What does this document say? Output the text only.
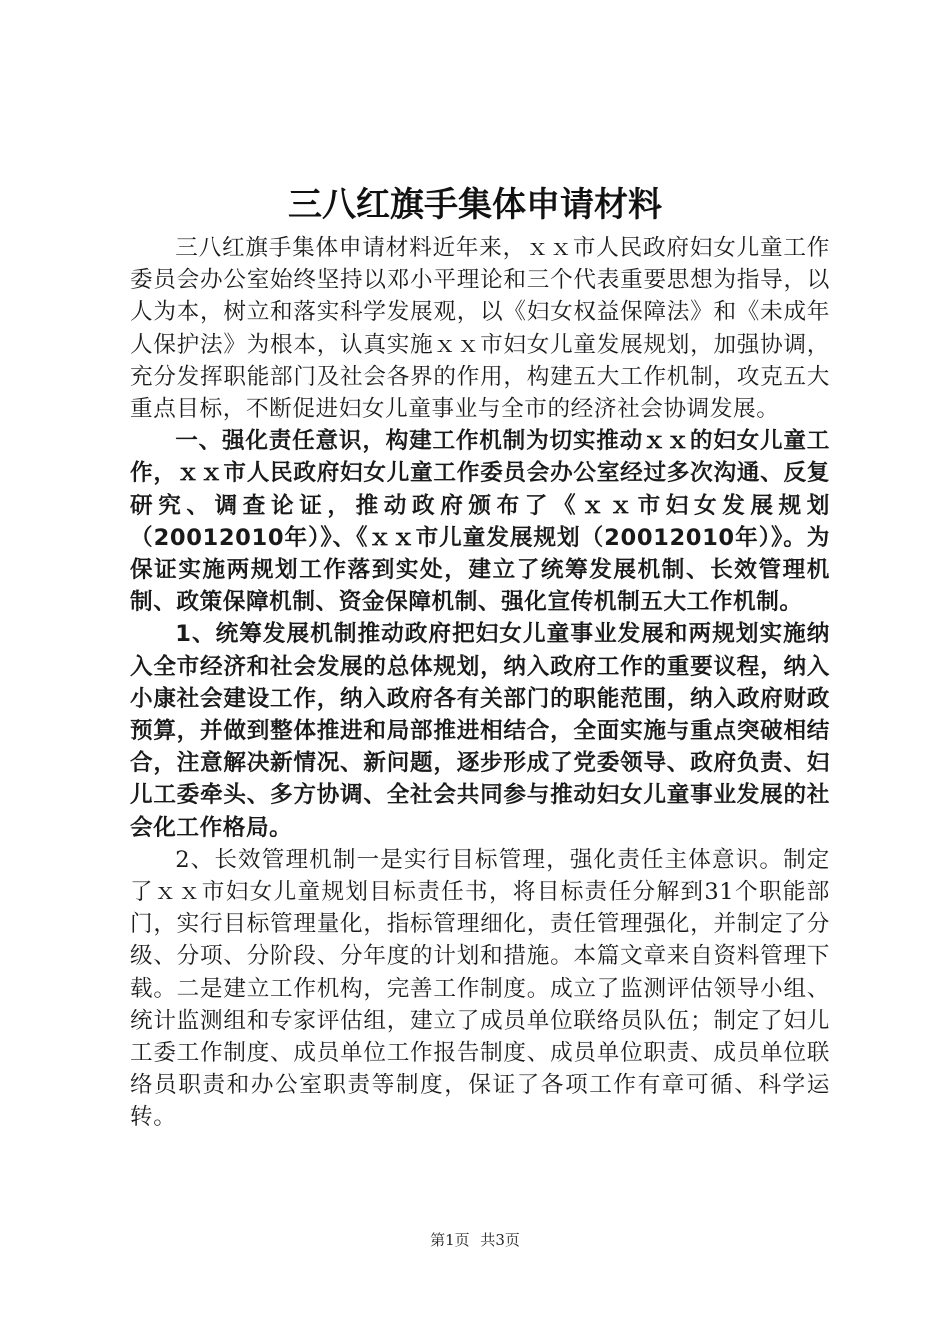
三八红旗手集体申请材料

三八红旗手集体申请材料近年来，ｘｘ市人民政府妇女儿童工作委员会办公室始终坚持以邓小平理论和三个代表重要思想为指导，以人为本，树立和落实科学发展观，以《妇女权益保障法》和《未成年人保护法》为根本，认真实施ｘｘ市妇女儿童发展规划，加强协调，充分发挥职能部门及社会各界的作用，构建五大工作机制，攻克五大重点目标，不断促进妇女儿童事业与全市的经济社会协调发展。

一、强化责任意识，构建工作机制为切实推动ｘｘ的妇女儿童工作，ｘｘ市人民政府妇女儿童工作委员会办公室经过多次沟通、反复研究、调查论证，推动政府颁布了《ｘｘ市妇女发展规划（20012010年）》、《ｘｘ市儿童发展规划（20012010年）》。为保证实施两规划工作落到实处，建立了统筹发展机制、长效管理机制、政策保障机制、资金保障机制、强化宣传机制五大工作机制。

1、统筹发展机制推动政府把妇女儿童事业发展和两规划实施纳入全市经济和社会发展的总体规划，纳入政府工作的重要议程，纳入小康社会建设工作，纳入政府各有关部门的职能范围，纳入政府财政预算，并做到整体推进和局部推进相结合，全面实施与重点突破相结合，注意解决新情况、新问题，逐步形成了党委领导、政府负责、妇儿工委牵头、多方协调、全社会共同参与推动妇女儿童事业发展的社会化工作格局。

2、长效管理机制一是实行目标管理，强化责任主体意识。制定了ｘｘ市妇女儿童规划目标责任书，将目标责任分解到31个职能部门，实行目标管理量化，指标管理细化，责任管理强化，并制定了分级、分项、分阶段、分年度的计划和措施。本篇文章来自资料管理下载。二是建立工作机构，完善工作制度。成立了监测评估领导小组、统计监测组和专家评估组，建立了成员单位联络员队伍；制定了妇儿工委工作制度、成员单位工作报告制度、成员单位职责、成员单位联络员职责和办公室职责等制度，保证了各项工作有章可循、科学运转。

第1页 共3页
